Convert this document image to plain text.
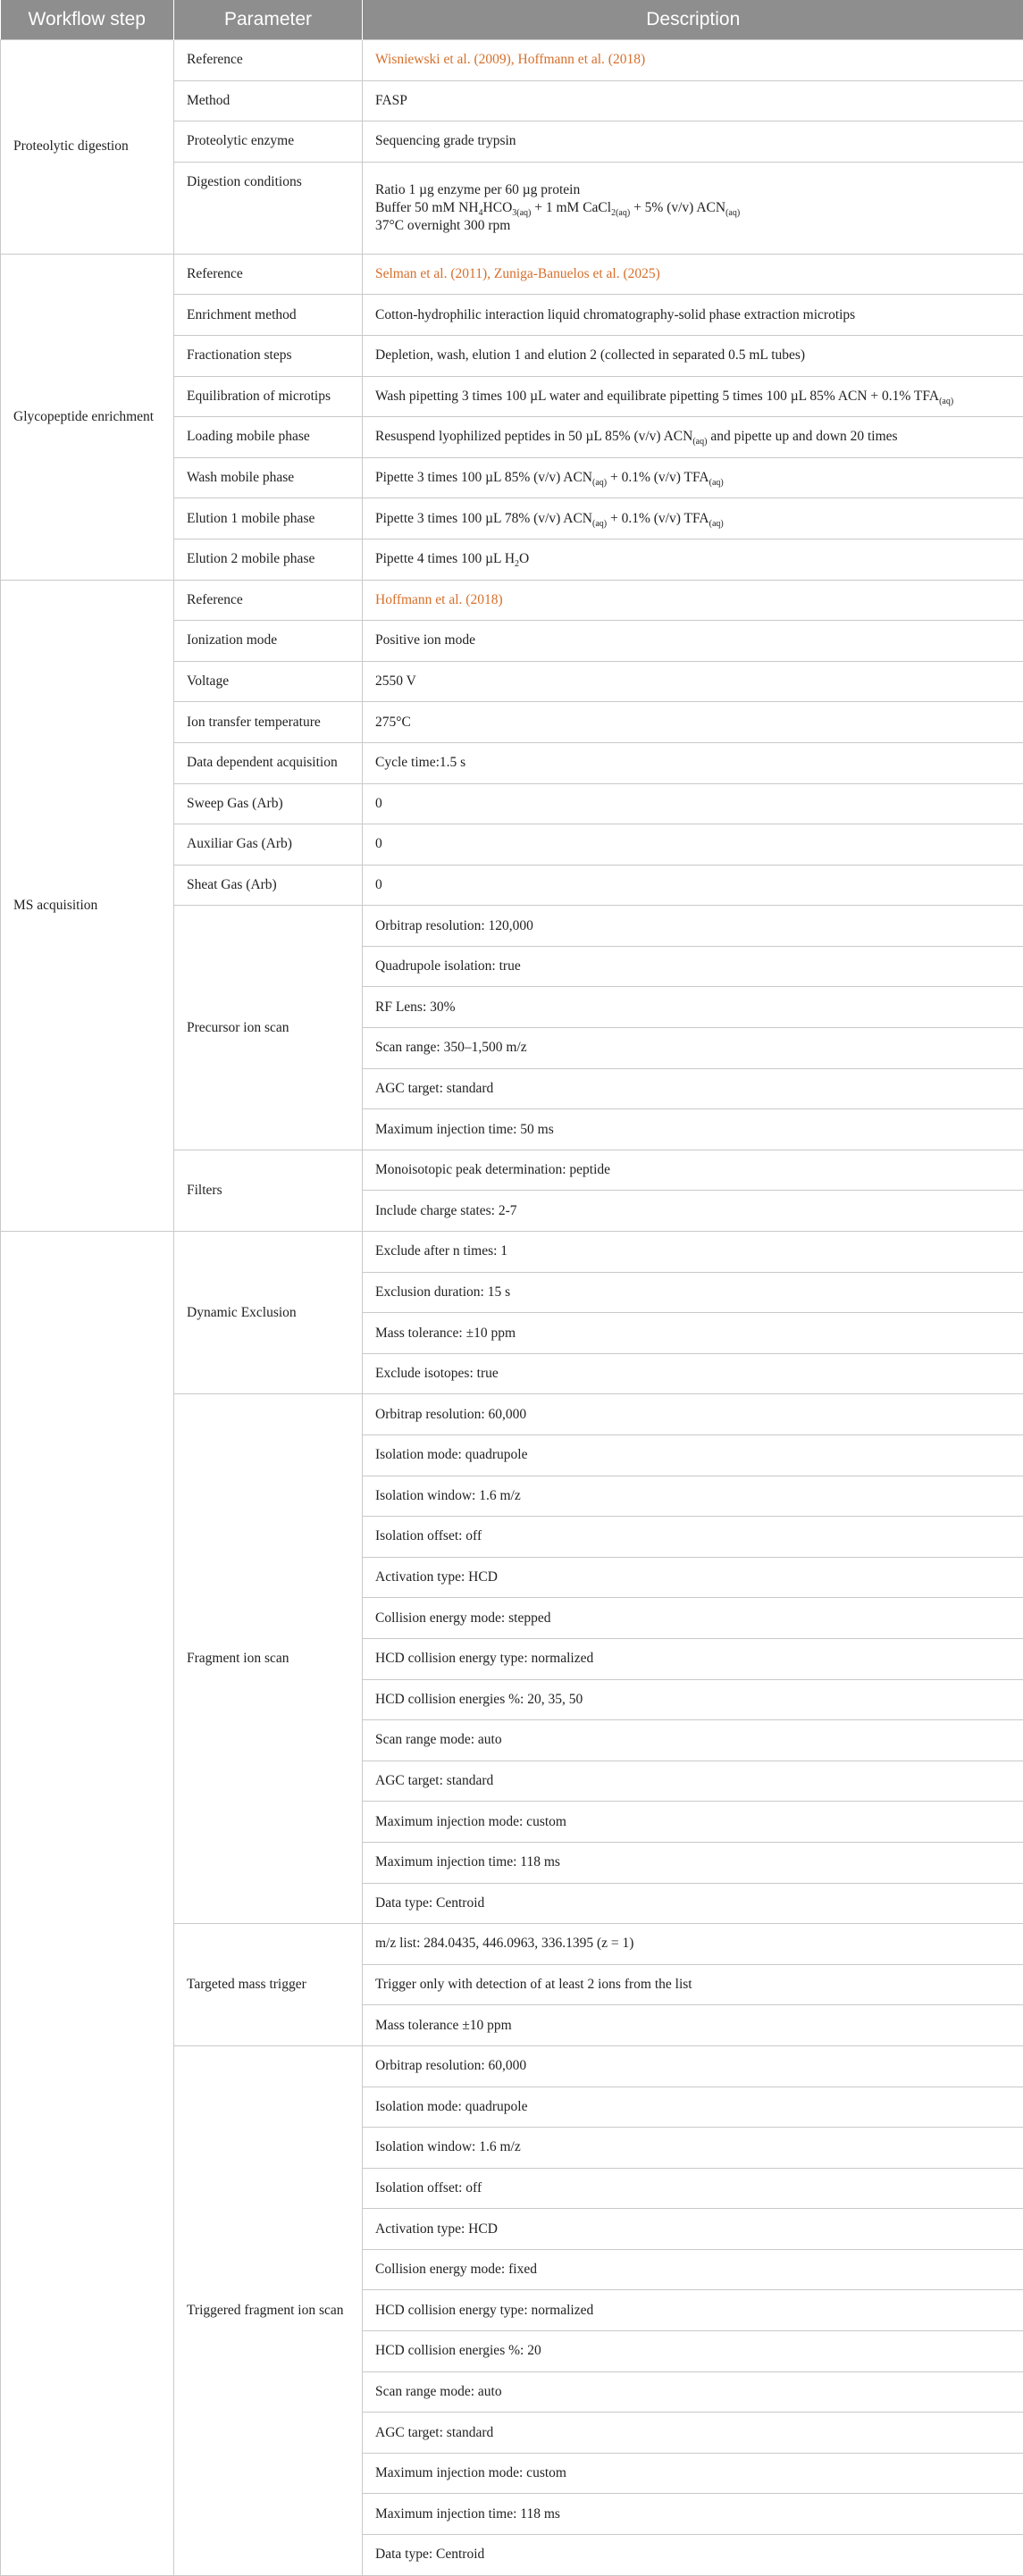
Workflow step	Parameter	Description
Proteolytic digestion	Reference	Wisniewski et al. (2009), Hoffmann et al. (2018)
	Method	FASP
	Proteolytic enzyme	Sequencing grade trypsin
	Digestion conditions	Ratio 1 µg enzyme per 60 µg protein
Buffer 50 mM $NH_4HCO_{3(aq)} + 1$ mM CaCl$_{2(aq)}$ + 5% (v/v) $ACN_{(aq)}$
37°C overnight 300 rpm

Glycopeptide enrichment	Reference	Selman et al. (2011), Zuniga-Banuelos et al. (2025)
	Enrichment method	Cotton-hydrophilic interaction liquid chromatography-solid phase extraction microtips
	Fractionation steps	Depletion, wash, elution 1 and elution 2 (collected in separated 0.5 mL tubes)
	Equilibration of microtips	Wash pipetting 3 times 100 µL water and equilibrate pipetting 5 times 100 µL 85% ACN + 0.1% $TFA_{(aq)}$
	Loading mobile phase	Resuspend lyophilized peptides in 50 µL 85% (v/v) $ACN_{(aq)}$ and pipette up and down 20 times
	Wash mobile phase	Pipette 3 times 100 µL 85% (v/v) $ACN_{(aq)} + 0.1\%$ (v/v) $TFA_{(aq)}$
	Elution 1 mobile phase	Pipette 3 times 100 µL 78% (v/v) $ACN_{(aq)} + 0.1\%$ (v/v) $TFA_{(aq)}$
	Elution 2 mobile phase	Pipette 4 times 100 µL $H_2O$
MS acquisition	Reference	Hoffmann et al. (2018)
	Ionization mode	Positive ion mode
	Voltage	2550 V
	Ion transfer temperature	275°C
	Data dependent acquisition	Cycle time:1.5 s
	Sweep Gas (Arb)	0
	Auxiliar Gas (Arb)	0
	Sheat Gas (Arb)	0
	Precursor ion scan	Orbitrap resolution: 120,000
		Quadrupole isolation: true
		RF Lens: 30%
		Scan range: 350–1,500 m/z
		AGC target: standard
		Maximum injection time: 50 ms
	Filters	Monoisotopic peak determination: peptide
		Include charge states: 2-7
	Dynamic Exclusion	Exclude after n times: 1
		Exclusion duration: 15 s
		Mass tolerance: ±10 ppm
		Exclude isotopes: true
	Fragment ion scan	Orbitrap resolution: 60,000
		Isolation mode: quadrupole
		Isolation window: 1.6 m/z
		Isolation offset: off
		Activation type: HCD
		Collision energy mode: stepped
		HCD collision energy type: normalized
		HCD collision energies %: 20, 35, 50
		Scan range mode: auto
		AGC target: standard
		Maximum injection mode: custom
		Maximum injection time: 118 ms
		Data type: Centroid
	Targeted mass trigger	m/z list: 284.0435, 446.0963, 336.1395 (z = 1)
		Trigger only with detection of at least 2 ions from the list
		Mass tolerance ±10 ppm
	Triggered fragment ion scan	Orbitrap resolution: 60,000
		Isolation mode: quadrupole
		Isolation window: 1.6 m/z
		Isolation offset: off
		Activation type: HCD
		Collision energy mode: fixed
		HCD collision energy type: normalized
		HCD collision energies %: 20
		Scan range mode: auto
		AGC target: standard
		Maximum injection mode: custom
		Maximum injection time: 118 ms
		Data type: Centroid
